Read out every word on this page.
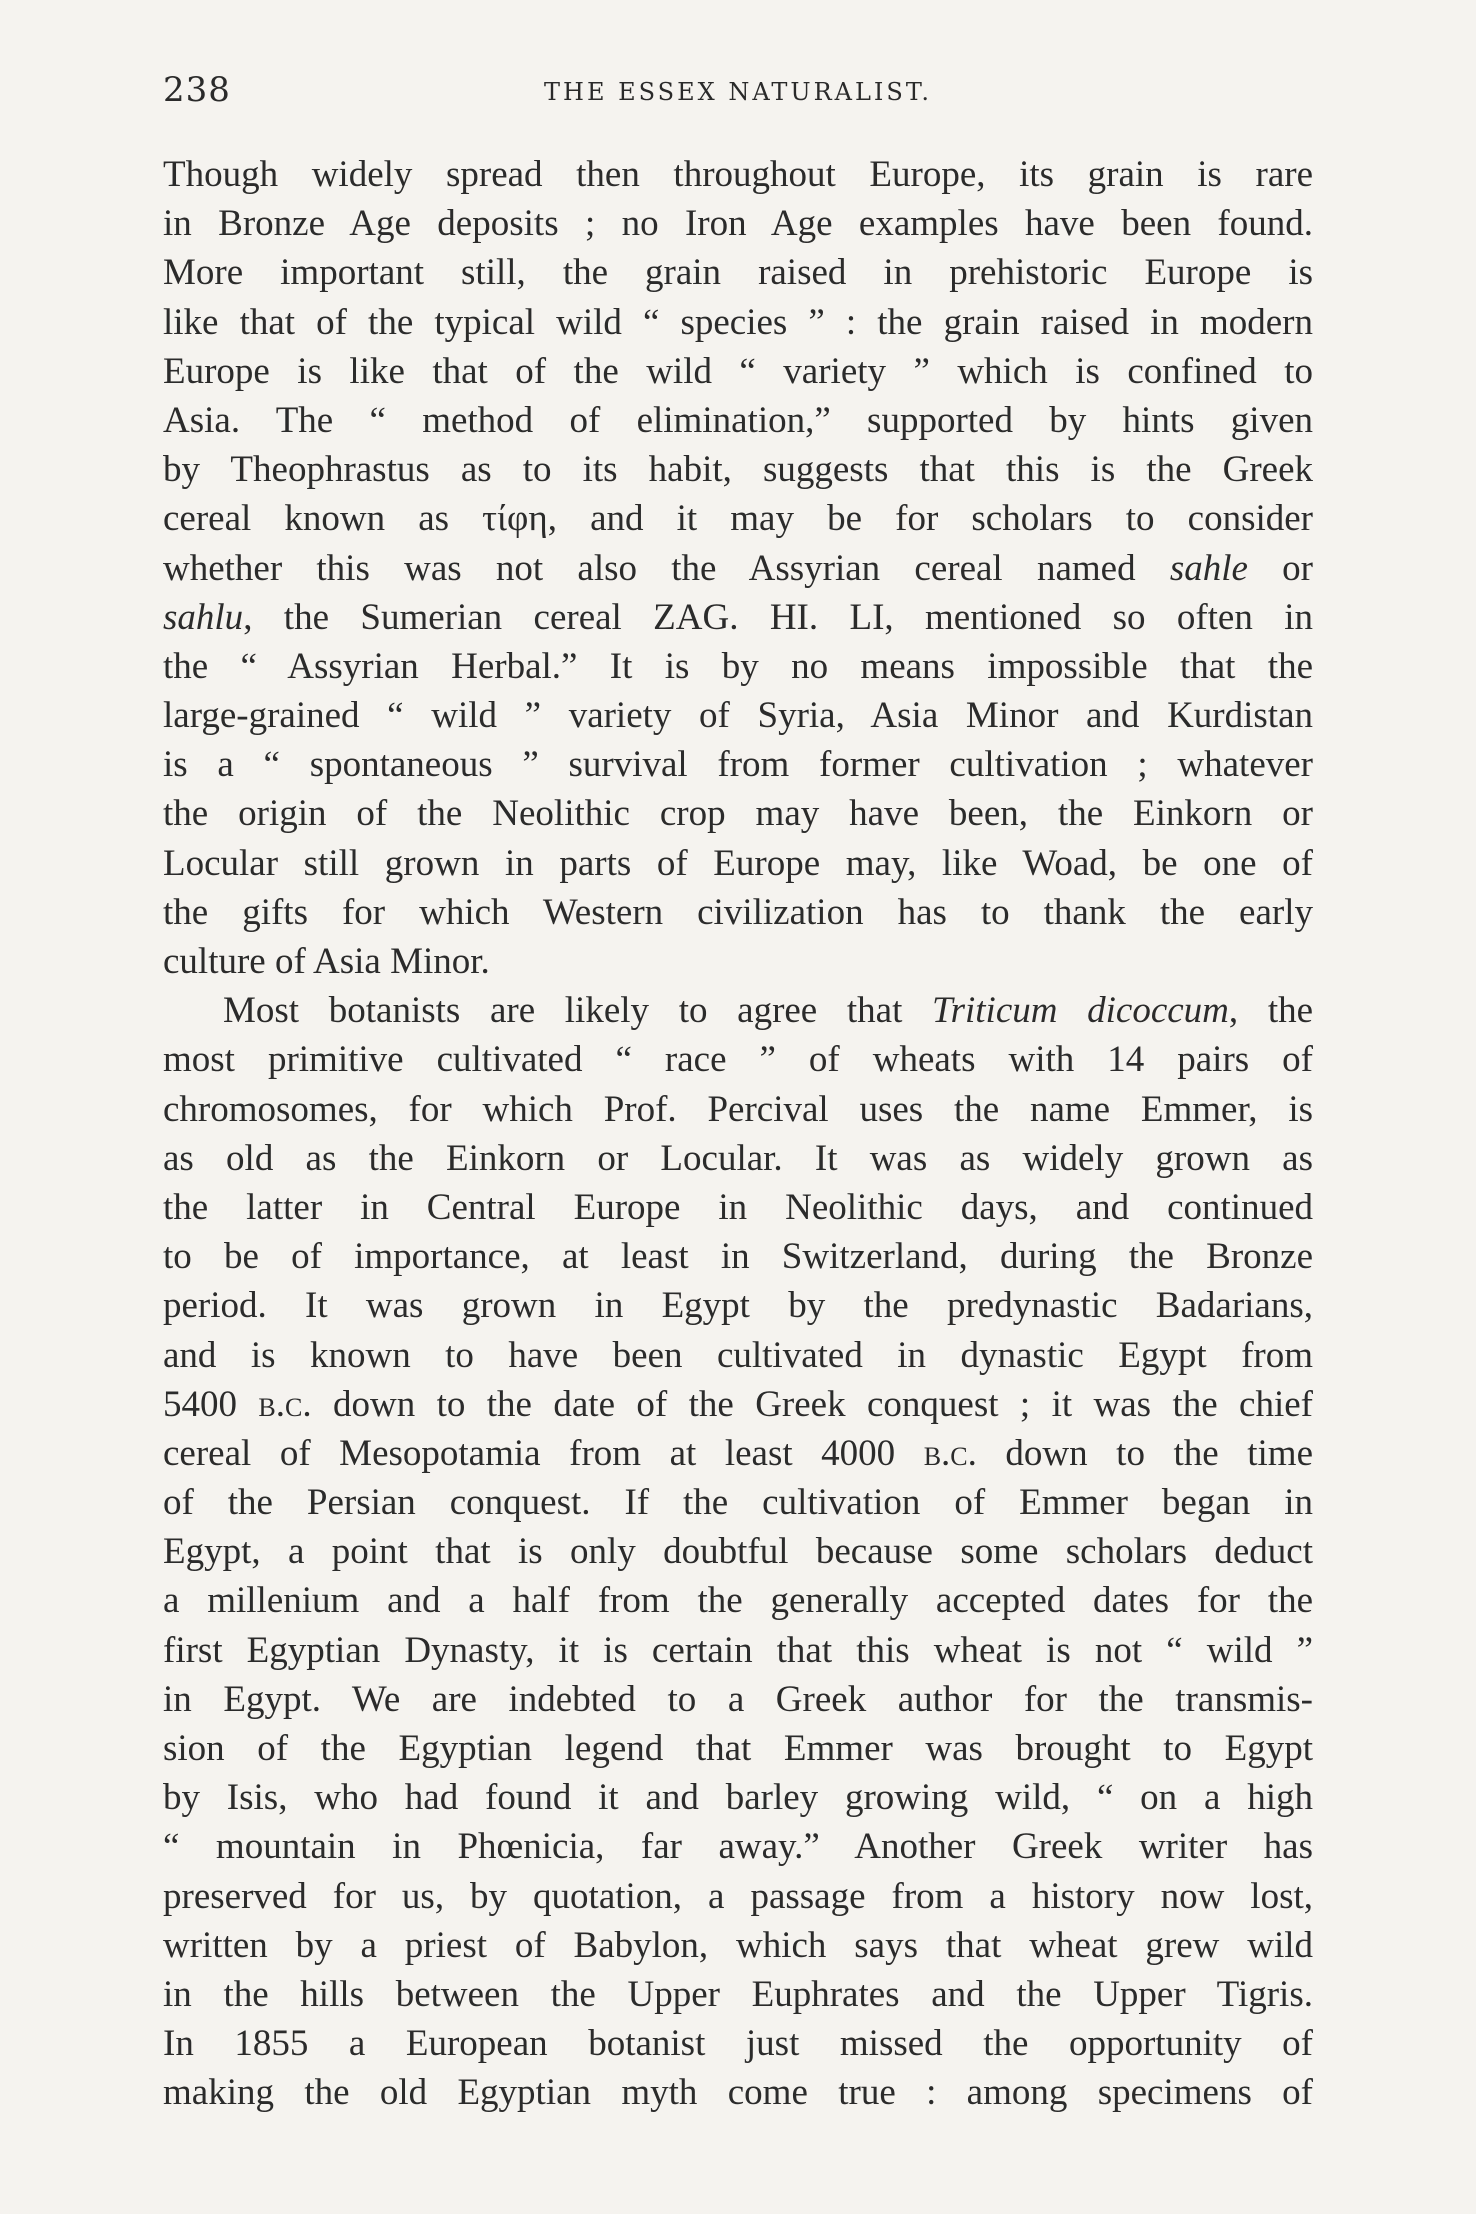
238	THE ESSEX NATURALIST.
Though widely spread then throughout Europe, its grain is rare
in Bronze Age deposits ; no Iron Age examples have been found.
More important still, the grain raised in prehistoric Europe is
like that of the typical wild “ species ” : the grain raised in modern
Europe is like that of the wild “ variety ” which is confined to
Asia. The “ method of elimination,” supported by hints given
by Theophrastus as to its habit, suggests that this is the Greek
cereal known as τίφη, and it may be for scholars to consider
whether this was not also the Assyrian cereal named sahle or
sahlu, the Sumerian cereal ZAG. HI. LI, mentioned so often in
the “ Assyrian Herbal.” It is by no means impossible that the
large-grained “ wild ” variety of Syria, Asia Minor and Kurdistan
is a “ spontaneous ” survival from former cultivation ; whatever
the origin of the Neolithic crop may have been, the Einkorn or
Locular still grown in parts of Europe may, like Woad, be one of
the gifts for which Western civilization has to thank the early
culture of Asia Minor.
Most botanists are likely to agree that Triticum dicoccum, the
most primitive cultivated “ race ” of wheats with 14 pairs of
chromosomes, for which Prof. Percival uses the name Emmer, is
as old as the Einkorn or Locular. It was as widely grown as
the latter in Central Europe in Neolithic days, and continued
to be of importance, at least in Switzerland, during the Bronze
period. It was grown in Egypt by the predynastic Badarians,
and is known to have been cultivated in dynastic Egypt from
5400 b.c. down to the date of the Greek conquest ; it was the chief
cereal of Mesopotamia from at least 4000 b.c. down to the time
of the Persian conquest. If the cultivation of Emmer began in
Egypt, a point that is only doubtful because some scholars deduct
a millenium and a half from the generally accepted dates for the
first Egyptian Dynasty, it is certain that this wheat is not “ wild ”
in Egypt. We are indebted to a Greek author for the transmis-
sion of the Egyptian legend that Emmer was brought to Egypt
by Isis, who had found it and barley growing wild, “ on a high
“ mountain in Phœnicia, far away.” Another Greek writer has
preserved for us, by quotation, a passage from a history now lost,
written by a priest of Babylon, which says that wheat grew wild
in the hills between the Upper Euphrates and the Upper Tigris.
In 1855 a European botanist just missed the opportunity of
making the old Egyptian myth come true : among specimens of
